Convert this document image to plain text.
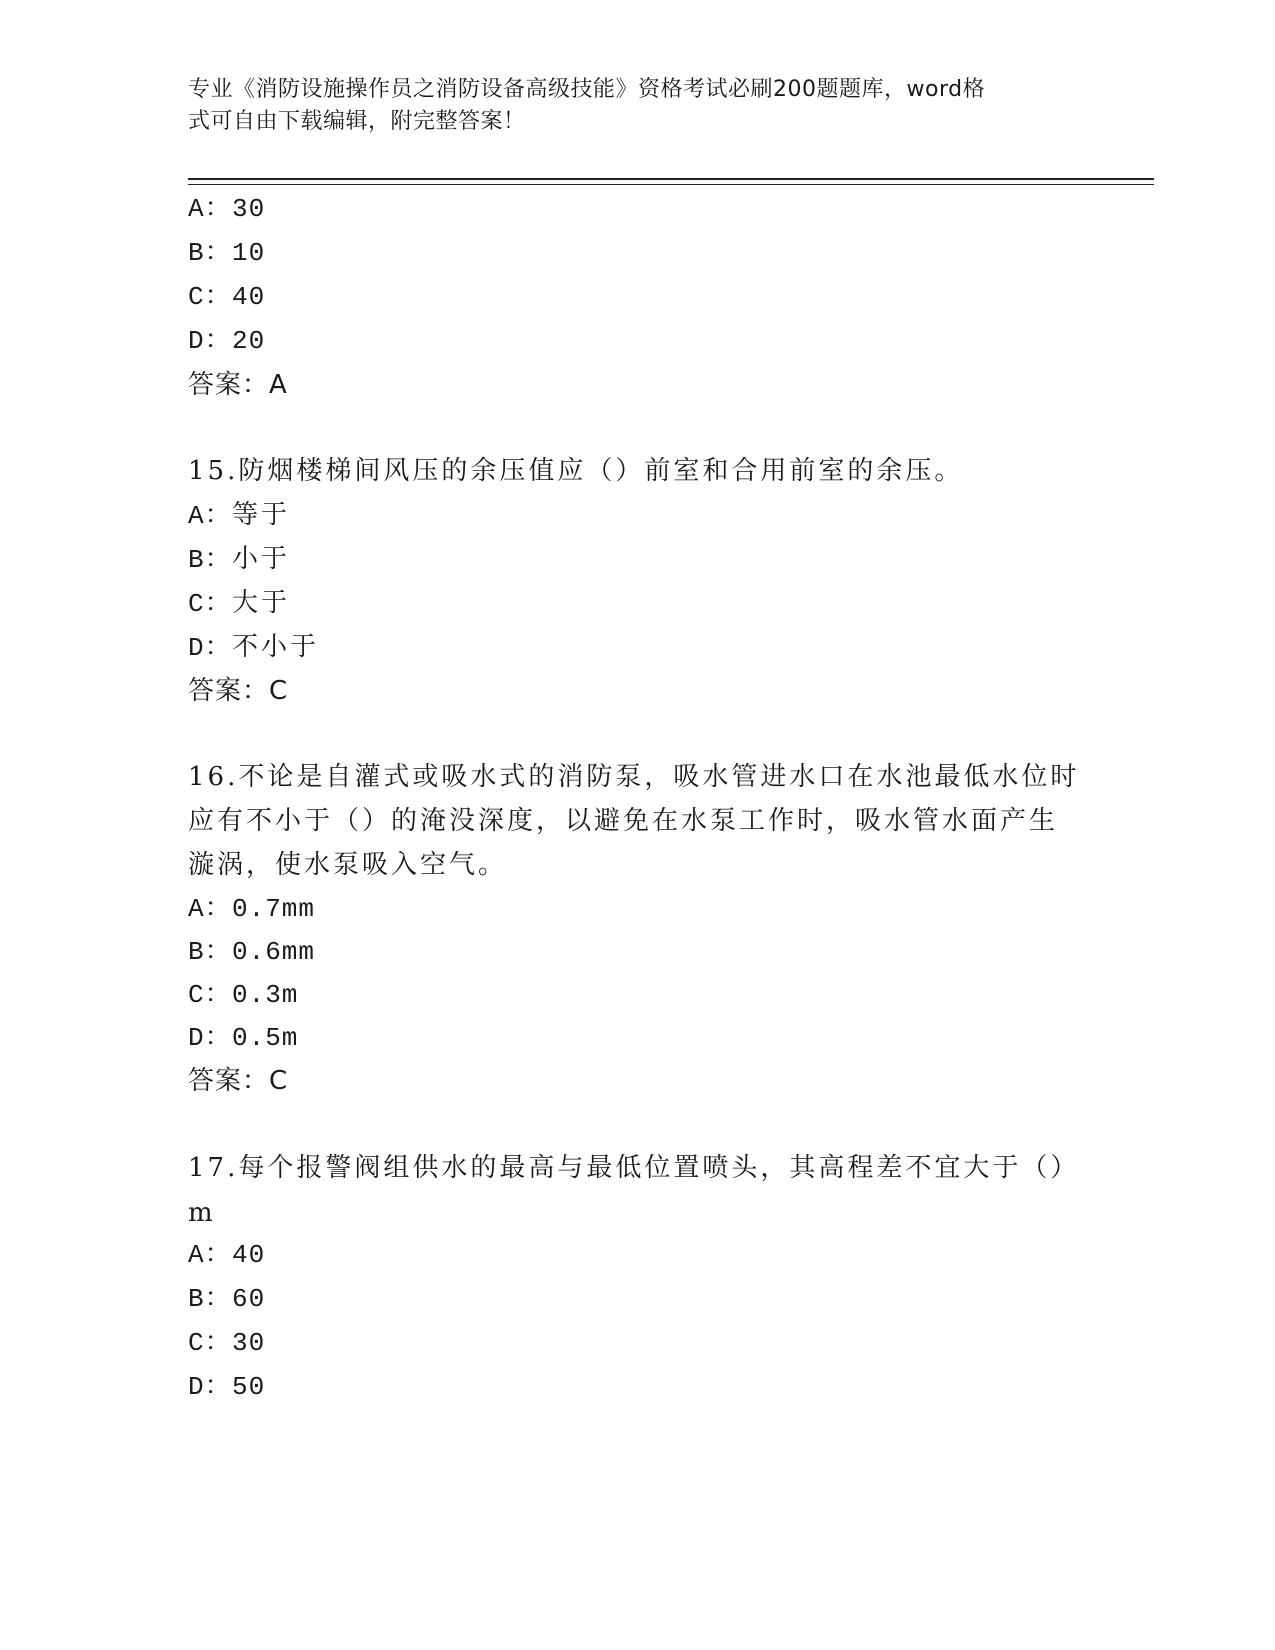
专业《消防设施操作员之消防设备高级技能》资格考试必刷200题题库，word格
式可自由下载编辑，附完整答案！
A：30
B：10
C：40
D：20
答案：A
15.防烟楼梯间风压的余压值应（）前室和合用前室的余压。
A：等于
B：小于
C：大于
D：不小于
答案：C
16.不论是自灌式或吸水式的消防泵，吸水管进水口在水池最低水位时
应有不小于（）的淹没深度，以避免在水泵工作时，吸水管水面产生
漩涡，使水泵吸入空气。
A：0.7mm
B：0.6mm
C：0.3m
D：0.5m
答案：C
17.每个报警阀组供水的最高与最低位置喷头，其高程差不宜大于（）
m
A：40
B：60
C：30
D：50
